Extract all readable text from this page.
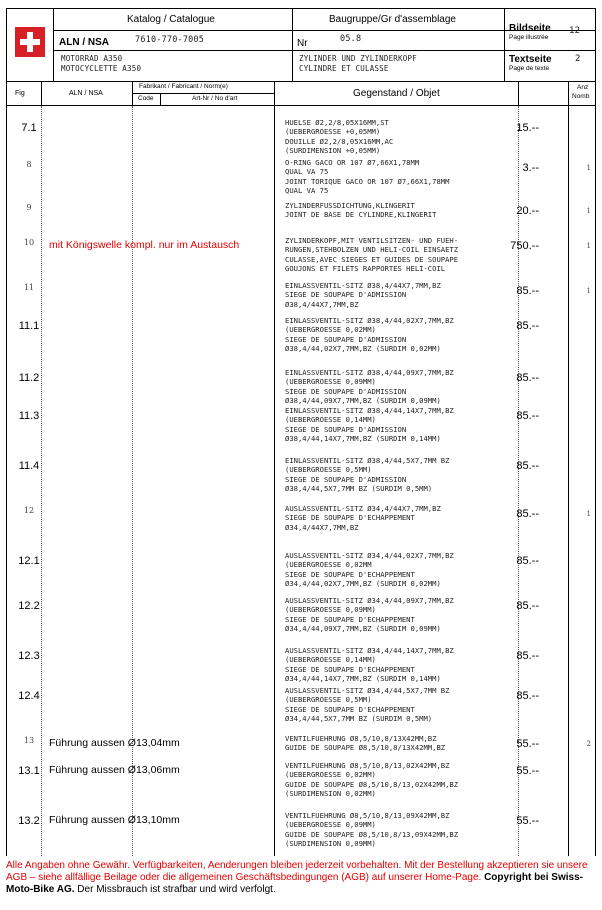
Katalog / Catalogue
ALN / NSA	7610-770-7005
MOTORRAD A350
MOTOCYCLETTE A350
Baugruppe/Gr d'assemblage
Nr	05.8
ZYLINDER UND ZYLINDERKOPF
CYLINDRE ET CULASSE
Bildseite
Page illustrée
12
Textseite
Page de texte
2
Fig	ALN / NSA
Fabrikant / Fabricant / Norm(e)
Code	Art-Nr / No d'art	Gegenstand / Objet
Anz
Nomb
7.1	HUELSE Ø2,2/8,05X16MM,ST
(UEBERGROESSE +0,05MM)
DOUILLE Ø2,2/8,05X16MM,AC
(SURDIMENSION +0,05MM)
15.--
8	O-RING GACO OR 107 Ø7,66X1,78MM
QUAL VA 75
JOINT TORIQUE GACO OR 107 Ø7,66X1,78MM
QUAL VA 75
3.--	1
9	ZYLINDERFUSSDICHTUNG,KLINGERIT
JOINT DE BASE DE CYLINDRE,KLINGERIT	20.--	1
10	mit Königswelle kompl. nur im Austausch	ZYLINDERKOPF,MIT VENTILSITZEN- UND FUEH-
RUNGEN,STEHBOLZEN UND HELI-COIL EINSAETZ
CULASSE,AVEC SIEGES ET GUIDES DE SOUPAPE
GOUJONS ET FILETS RAPPORTES HELI-COIL
750.--	1
11	EINLASSVENTIL-SITZ Ø38,4/44X7,7MM,BZ
SIEGE DE SOUPAPE D'ADMISSION
Ø38,4/44X7,7MM,BZ
85.--	1
11.1	EINLASSVENTIL-SITZ Ø38,4/44,02X7,7MM,BZ
(UEBERGROESSE 0,02MM)
SIEGE DE SOUPAPE D'ADMISSION
Ø38,4/44,02X7,7MM,BZ (SURDIM 0,02MM)
85.--
11.2	EINLASSVENTIL-SITZ Ø38,4/44,09X7,7MM,BZ
(UEBERGROESSE 0,09MM)
SIEGE DE SOUPAPE D'ADMISSION
Ø38,4/44,09X7,7MM,BZ (SURDIM 0,09MM)
85.--
11.3	EINLASSVENTIL-SITZ Ø38,4/44,14X7,7MM,BZ
(UEBERGROESSE 0,14MM)
SIEGE DE SOUPAPE D'ADMISSION
Ø38,4/44,14X7,7MM,BZ (SURDIM 0,14MM)
85.--
11.4	EINLASSVENTIL-SITZ Ø38,4/44,5X7,7MM BZ
(UEBERGROESSE 0,5MM)
SIEGE DE SOUPAPE D'ADMISSION
Ø38,4/44,5X7,7MM BZ (SURDIM 0,5MM)
85.--
12	AUSLASSVENTIL-SITZ Ø34,4/44X7,7MM,BZ
SIEGE DE SOUPAPE D'ECHAPPEMENT
Ø34,4/44X7,7MM,BZ
85.--	1
12.1	AUSLASSVENTIL-SITZ Ø34,4/44,02X7,7MM,BZ
(UEBERGROESSE 0,02MM
SIEGE DE SOUPAPE D'ECHAPPEMENT
Ø34,4/44,02X7,7MM,BZ (SURDIM 0,02MM)
85.--
12.2	AUSLASSVENTIL-SITZ Ø34,4/44,09X7,7MM,BZ
(UEBERGROESSE 0,09MM)
SIEGE DE SOUPAPE D'ECHAPPEMENT
Ø34,4/44,09X7,7MM,BZ (SURDIM 0,09MM)
85.--
12.3	AUSLASSVENTIL-SITZ Ø34,4/44,14X7,7MM,BZ
(UEBERGROESSE 0,14MM)
SIEGE DE SOUPAPE D'ECHAPPEMENT
Ø34,4/44,14X7,7MM,BZ (SURDIM 0,14MM)
85.--
12.4	AUSLASSVENTIL-SITZ Ø34,4/44,5X7,7MM BZ
(UEBERGROESSE 0,5MM)
SIEGE DE SOUPAPE D'ECHAPPEMENT
Ø34,4/44,5X7,7MM BZ (SURDIM 0,5MM)
85.--
13	Führung aussen Ø13,04mm	VENTILFUEHRUNG Ø8,5/10,8/13X42MM,BZ
GUIDE DE SOUPAPE Ø8,5/10,8/13X42MM,BZ	55.--	2
13.1 Führung aussen Ø13,06mm	VENTILFUEHRUNG Ø8,5/10,8/13,02X42MM,BZ
(UEBERGROESSE 0,02MM)
GUIDE DE SOUPAPE Ø8,5/10,8/13,02X42MM,BZ
(SURDIMENSION 0,02MM)
55.--
13.2 Führung aussen Ø13,10mm	VENTILFUEHRUNG Ø8,5/10,8/13,09X42MM,BZ
(UEBERGROESSE 0,09MM)
GUIDE DE SOUPAPE Ø8,5/10,8/13,09X42MM,BZ
(SURDIMENSION 0,09MM)
55.--
Alle Angaben ohne Gewähr. Verfügbarkeiten, Aenderungen bleiben jederzeit vorbehalten. Mit der Bestellung akzeptieren sie unsere AGB – siehe allfällige Beilage oder die allgemeinen Geschäftsbedingungen (AGB) auf unserer Home-Page. Copyright bei Swiss-Moto-Bike AG. Der Missbrauch ist strafbar und wird verfolgt.
